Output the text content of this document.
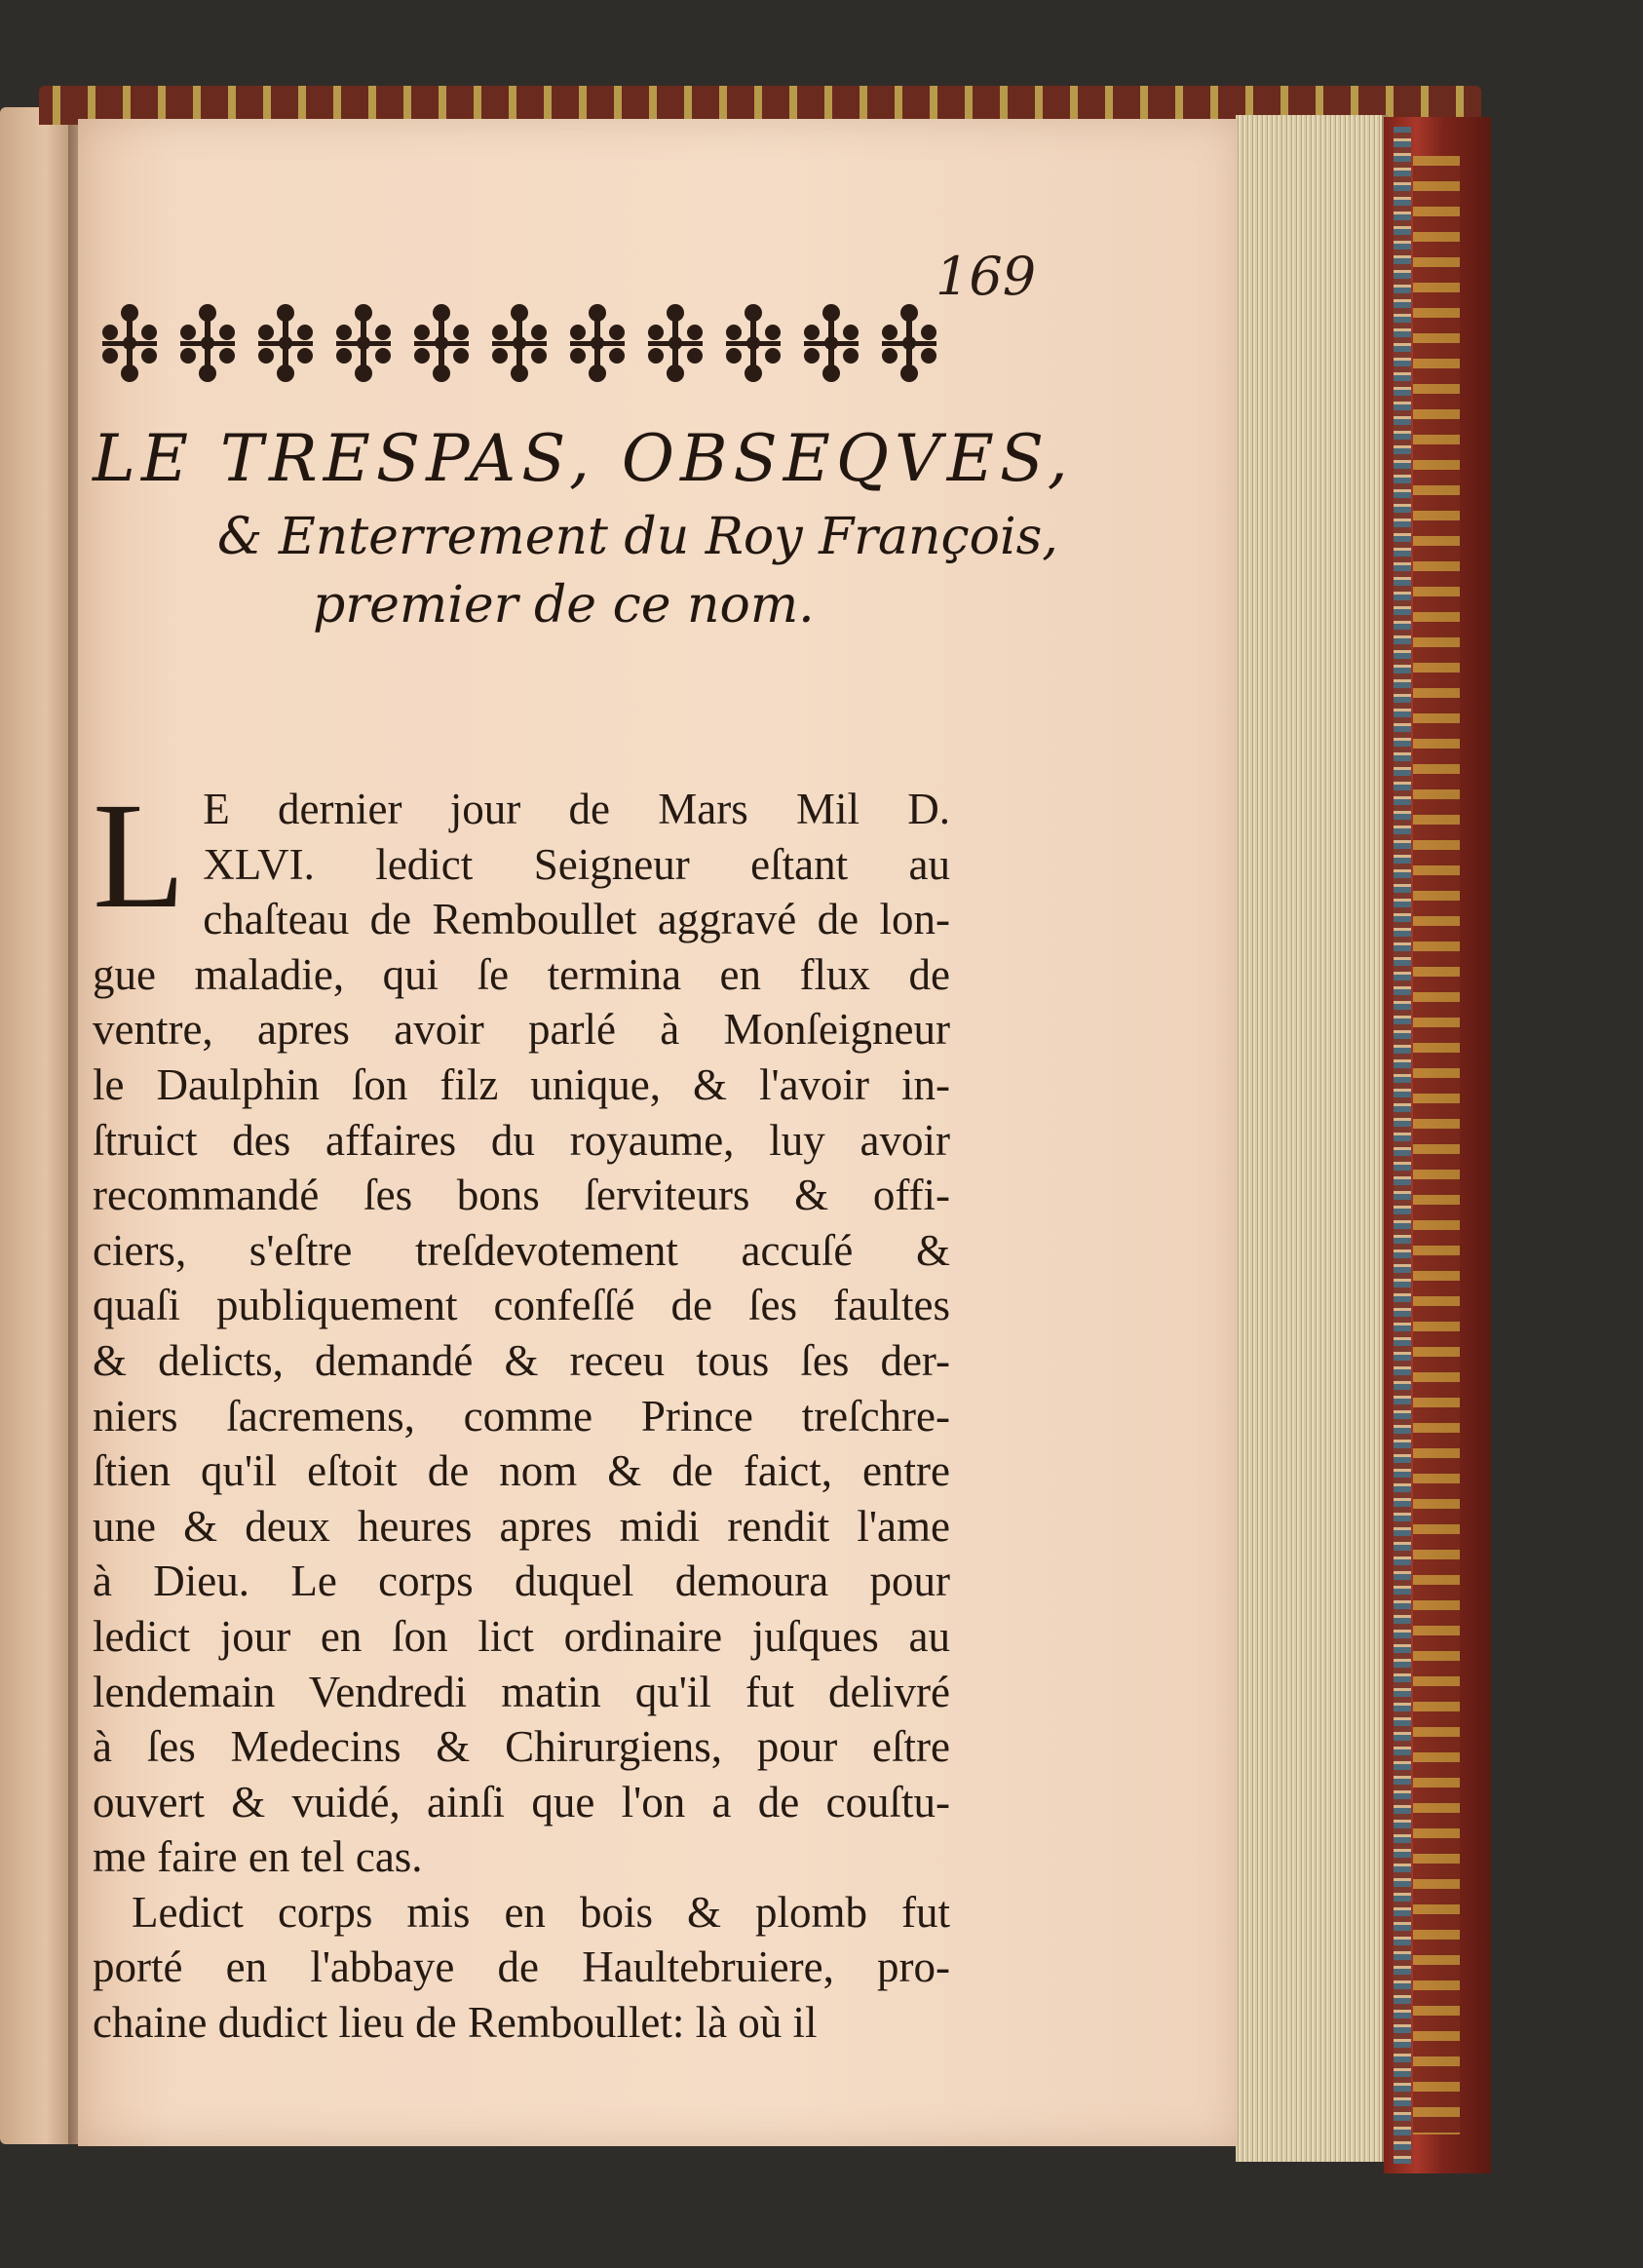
169

LE TRESPAS, OBSEQVES,
& Enterrement du Roy François,
premier de ce nom.
L E dernier jour de Mars Mil D.
XLVI. ledict Seigneur eſtant au
chaſteau de Remboullet aggravé de lon-
gue maladie, qui ſe termina en flux de
ventre, apres avoir parlé à Monſeigneur
le Daulphin ſon filz unique, & l'avoir in-
ſtruict des affaires du royaume, luy avoir
recommandé ſes bons ſerviteurs & offi-
ciers, s'eſtre treſdevotement accuſé &
quaſi publiquement confeſſé de ſes faultes
& delicts, demandé & receu tous ſes der-
niers ſacremens, comme Prince treſchre-
ſtien qu'il eſtoit de nom & de faict, entre
une & deux heures apres midi rendit l'ame
à Dieu. Le corps duquel demoura pour
ledict jour en ſon lict ordinaire juſques au
lendemain Vendredi matin qu'il fut delivré
à ſes Medecins & Chirurgiens, pour eſtre
ouvert & vuidé, ainſi que l'on a de couſtu-
me faire en tel cas.
Ledict corps mis en bois & plomb fut
porté en l'abbaye de Haultebruiere, pro-
chaine dudict lieu de Remboullet: là où il
